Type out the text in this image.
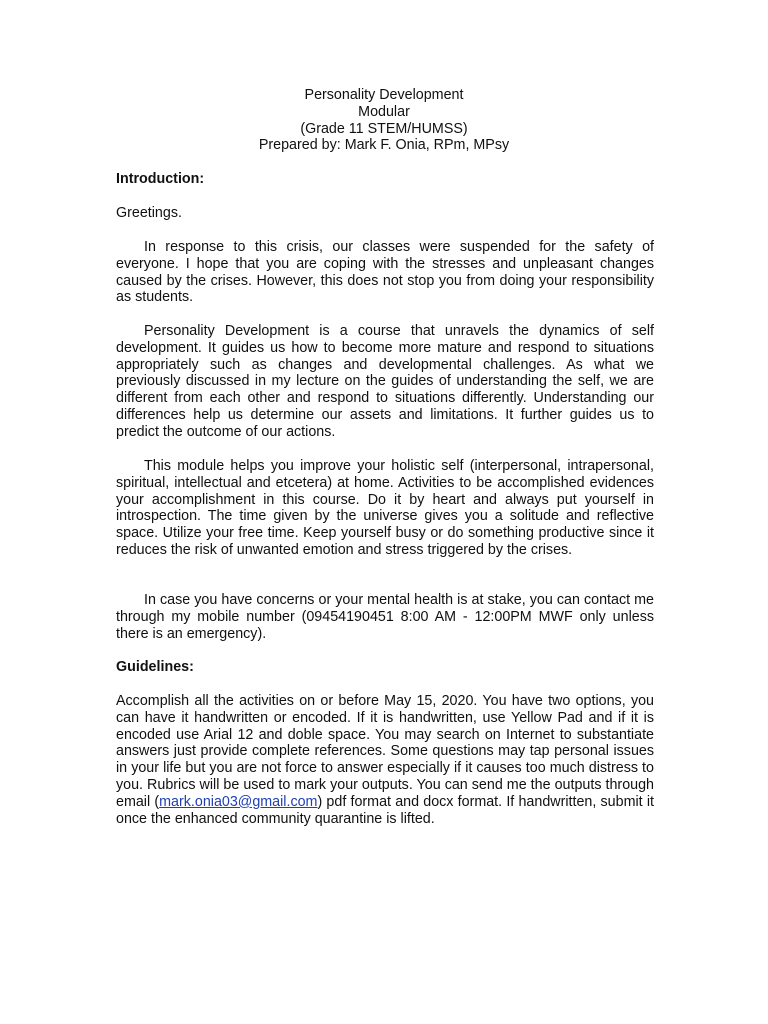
Personality Development
Modular
(Grade 11 STEM/HUMSS)
Prepared by: Mark F. Onia, RPm, MPsy
Introduction:
Greetings.
In response to this crisis, our classes were suspended for the safety of everyone. I hope that you are coping with the stresses and unpleasant changes caused by the crises. However, this does not stop you from doing your responsibility as students.
Personality Development is a course that unravels the dynamics of self development. It guides us how to become more mature and respond to situations appropriately such as changes and developmental challenges. As what we previously discussed in my lecture on the guides of understanding the self, we are different from each other and respond to situations differently. Understanding our differences help us determine our assets and limitations. It further guides us to predict the outcome of our actions.
This module helps you improve your holistic self (interpersonal, intrapersonal, spiritual, intellectual and etcetera) at home. Activities to be accomplished evidences your accomplishment in this course. Do it by heart and always put yourself in introspection. The time given by the universe gives you a solitude and reflective space. Utilize your free time. Keep yourself busy or do something productive since it reduces the risk of unwanted emotion and stress triggered by the crises.
In case you have concerns or your mental health is at stake, you can contact me through my mobile number (09454190451 8:00 AM - 12:00PM MWF only unless there is an emergency).
Guidelines:
Accomplish all the activities on or before May 15, 2020. You have two options, you can have it handwritten or encoded. If it is handwritten, use Yellow Pad and if it is encoded use Arial 12 and doble space. You may search on Internet to substantiate answers just provide complete references. Some questions may tap personal issues in your life but you are not force to answer especially if it causes too much distress to you. Rubrics will be used to mark your outputs. You can send me the outputs through email (mark.onia03@gmail.com) pdf format and docx format. If handwritten, submit it once the enhanced community quarantine is lifted.
